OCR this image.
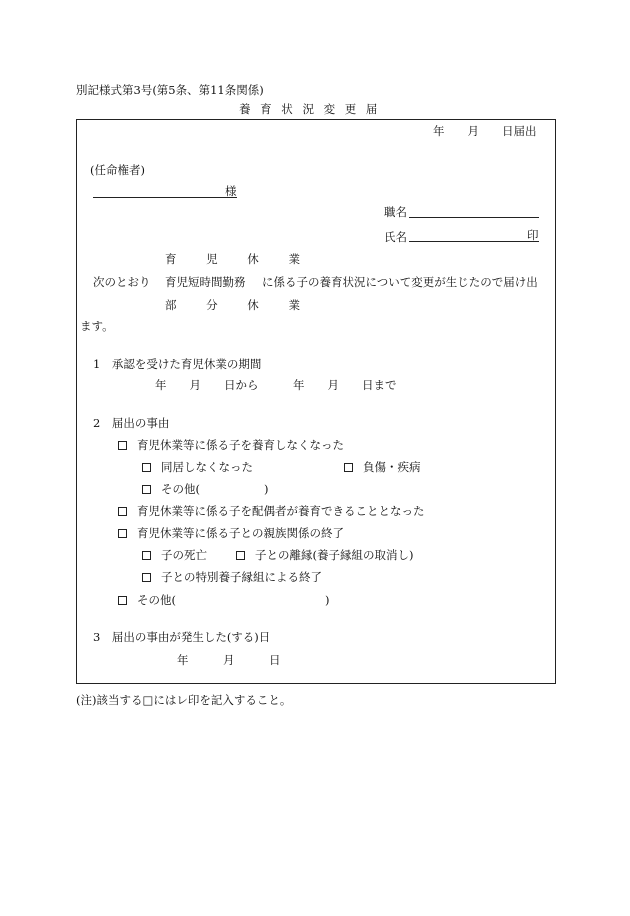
別記様式第3号(第5条、第11条関係)
養 育 状 況 変 更 届
年　　月　　日届出
(任命権者)
様
職名
氏名	印
育 児 休 業
次のとおり 育児短時間勤務 に係る子の養育状況について変更が生じたので届け出
部 分 休 業
ます。
1　承認を受けた育児休業の期間
年　　月　　日から　　　年　　月　　日まで
2　届出の事由
育児休業等に係る子を養育しなくなった
同居しなくなった	負傷・疾病
その他(	)
育児休業等に係る子を配偶者が養育できることとなった
育児休業等に係る子との親族関係の終了
子の死亡	子との離縁(養子縁組の取消し)
子との特別養子縁組による終了
その他(	)
3　届出の事由が発生した(する)日
年　　　月　　　日
(注)該当する□にはレ印を記入すること。
